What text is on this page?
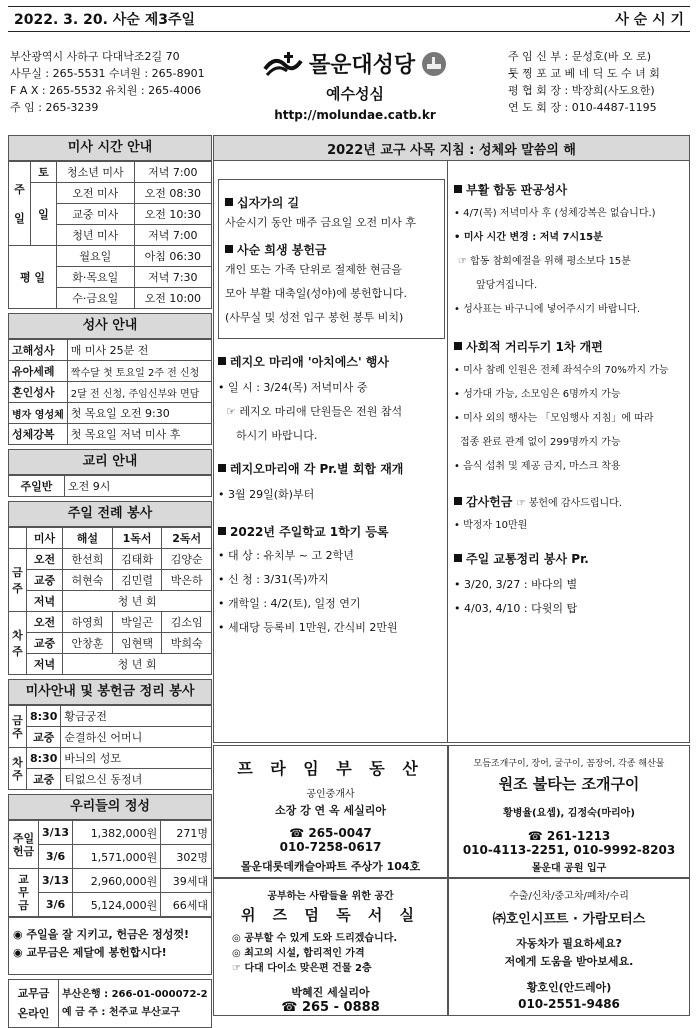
2022. 3. 20. 사순 제3주일	사 순 시 기
부산광역시 사하구 다대낙조2길 70
사무실 : 265-5531 수녀원 : 265-8901
F A X : 265-5532 유치원 : 265-4006
주 임 : 265-3239
몰운대성당
예수성심
http://molundae.catb.kr
주 임 신 부 : 문성호(바 오 로)
툿 찡 포 교 베 네 딕 도 수 녀 회
평 협 회 장 : 박장희(사도요한)
연 도 회 장 : 010-4487-1195
미사 시간 안내
주

일	토	청소년 미사	저녁 7:00
	일	오전 미사	오전 08:30
		교중 미사	오전 10:30
		청년 미사	저녁 7:00
평 일		월요일	아침 06:30
		화·목요일	저녁 7:30
		수·금요일	오전 10:00
성사 안내
고해성사	매 미사 25분 전
유아세례	짝수달 첫 토요일 2주 전 신청
혼인성사	2달 전 신청, 주임신부와 면담
병자 영성체	첫 목요일 오전 9:30
성체강복	첫 목요일 저녁 미사 후
교리 안내
주일반	오전 9시
주일 전례 봉사
	미사	해설	1독서	2독서
금
주	오전	한선희	김태화	김양순
	교중	허현숙	김민렬	박은하
	저녁	청 년 회		
차
주	오전	하영희	박일곤	김소임
	교중	안창훈	임현택	박희숙
	저녁	청 년 회		
미사안내 및 봉헌금 정리 봉사
금
주	8:30	황금궁전
	교중	순결하신 어머니
차
주	8:30	바늬의 성모
	교중	티없으신 동정녀
우리들의 정성
주일
헌금	3/13	1,382,000원	271명
	3/6	1,571,000원	302명
교
무
금	3/13	2,960,000원	39세대
	3/6	5,124,000원	66세대
◉ 주일을 잘 지키고, 헌금은 정성껏!
◉ 교무금은 제달에 봉헌합시다!
교무금
온라인	부산은행 : 266-01-000072-2
예 금 주 : 천주교 부산교구
2022년 교구 사목 지침 : 성체와 말씀의 해
십자가의 길
사순시기 동안 매주 금요일 오전 미사 후
사순 희생 봉헌금
개인 또는 가족 단위로 절제한 현금을
모아 부활 대축일(성야)에 봉헌합니다.
(사무실 및 성전 입구 봉헌 봉투 비치)
레지오 마리애 '아치에스' 행사
• 일 시 : 3/24(목) 저녁미사 중
☞ 레지오 마리애 단원들은 전원 참석
하시기 바랍니다.
레지오마리애 각 Pr.별 회합 재개
• 3월 29일(화)부터
2022년 주일학교 1학기 등록
• 대 상 : 유치부 ~ 고 2학년
• 신 청 : 3/31(목)까지
• 개학일 : 4/2(토), 일정 연기
• 세대당 등록비 1만원, 간식비 2만원
부활 합동 판공성사
• 4/7(목) 저녁미사 후 (성체강복은 없습니다.)
• 미사 시간 변경 : 저녁 7시15분
☞ 합동 참회예절을 위해 평소보다 15분
앞당겨집니다.
• 성사표는 바구니에 넣어주시기 바랍니다.
사회적 거리두기 1차 개편
• 미사 참례 인원은 전체 좌석수의 70%까지 가능
• 성가대 가능, 소모임은 6명까지 가능
• 미사 외의 행사는 「모임행사 지침」에 따라
접종 완료 관계 없이 299명까지 가능
• 음식 섭취 및 제공 금지, 마스크 착용
감사헌금 ☞ 봉헌에 감사드립니다.
• 박정자 10만원
주일 교통정리 봉사 Pr.
• 3/20, 3/27 : 바다의 별
• 4/03, 4/10 : 다윗의 탑
프 라 임 부 동 산
공인중개사
소장 강 연 옥 세실리아
☎ 265-0047
010-7258-0617
몰운대롯데캐슬아파트 주상가 104호
모듬조개구이, 장어, 굴구이, 꼼장어, 각종 해산물
원조 불타는 조개구이
황병율(요셉), 김정숙(마리아)
☎ 261-1213
010-4113-2251, 010-9992-8203
몰운대 공원 입구
공부하는 사람들을 위한 공간
위 즈 덤 독 서 실
◎ 공부할 수 있게 도와 드리겠습니다.
◎ 최고의 시설, 합리적인 가격
☞ 다대 다이소 맞은편 건물 2층
박혜진 세실리아
☎ 265 - 0888
수출/신차/중고차/폐차/수리
㈜호인시프트 · 가람모터스
자동차가 필요하세요?
저에게 도움을 받아보세요.
황호인(안드레아)
010-2551-9486
